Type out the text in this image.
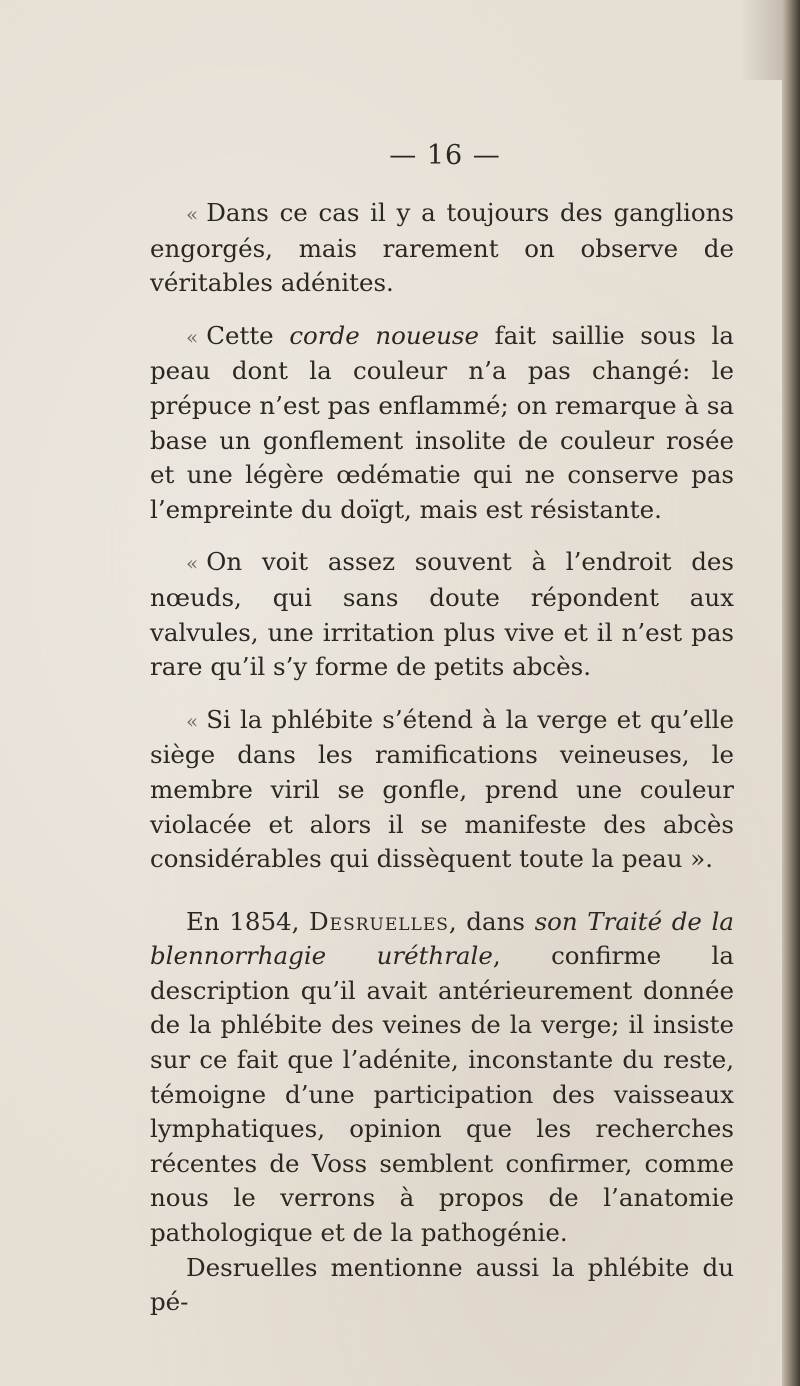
— 16 —

« Dans ce cas il y a toujours des ganglions engorgés, mais rarement on observe de véritables adénites.

« Cette corde noueuse fait saillie sous la peau dont la couleur n’a pas changé: le prépuce n’est pas enflammé; on remarque à sa base un gonflement insolite de couleur rosée et une légère œdématie qui ne conserve pas l’empreinte du doïgt, mais est résistante.

« On voit assez souvent à l’endroit des nœuds, qui sans doute répondent aux valvules, une irritation plus vive et il n’est pas rare qu’il s’y forme de petits abcès.

« Si la phlébite s’étend à la verge et qu’elle siège dans les ramifications veineuses, le membre viril se gonfle, prend une couleur violacée et alors il se manifeste des abcès considérables qui dissèquent toute la peau ».

En 1854, Desruelles, dans son Traité de la blennorrhagie uréthrale, confirme la description qu’il avait antérieurement donnée de la phlébite des veines de la verge; il insiste sur ce fait que l’adénite, inconstante du reste, témoigne d’une participation des vaisseaux lymphatiques, opinion que les recherches récentes de Voss semblent confirmer, comme nous le verrons à propos de l’anatomie pathologique et de la pathogénie.

Desruelles mentionne aussi la phlébite du pé-
